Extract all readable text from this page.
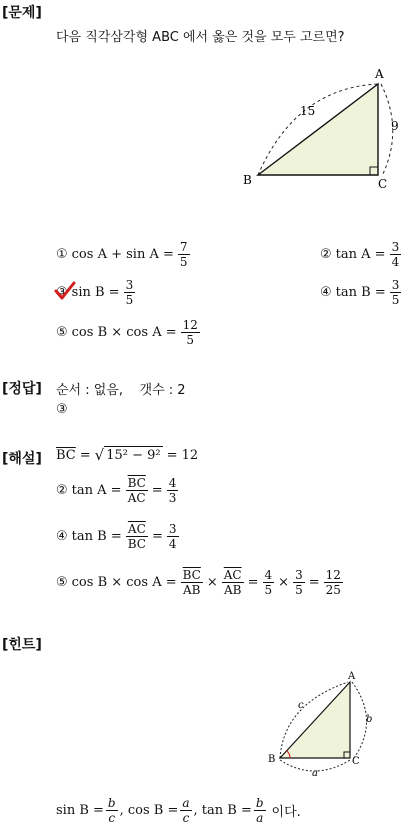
[문제]
다음 직각삼각형 ABC 에서 옳은 것을 모두 고르면?
A
B	C
15
9
① $\cos A + \sin A = \frac{7}{5}$	② $\tan A = \frac{3}{4}$
③ $\sin B = \frac{3}{5}$	④ $\tan B = \frac{3}{5}$
⑤ $\cos B \times \cos A = \frac{12}{5}$
[정답] 순서 : 없음,    갯수 : 2
③
[해설] $\overline{BC}$ = √ 15² − 9² = 12
② $\tan A = \frac{\overline{BC}}{AC} = \frac{4}{3}$
④ $\tan B = \frac{\overline{AC}}{BC} = \frac{3}{4}$
⑤ $\cos B \times \cos A = \frac{\overline{BC}}{AB} \times \frac{\overline{AC}}{AB} = \frac{4}{5} \times \frac{3}{5} = \frac{12}{25}$
[힌트]
A
B	C
c
b
a
$\sin B = \frac{b}{c}$ , $\cos B = \frac{a}{c}$ , $\tan B = \frac{b}{a}$ 이다.
